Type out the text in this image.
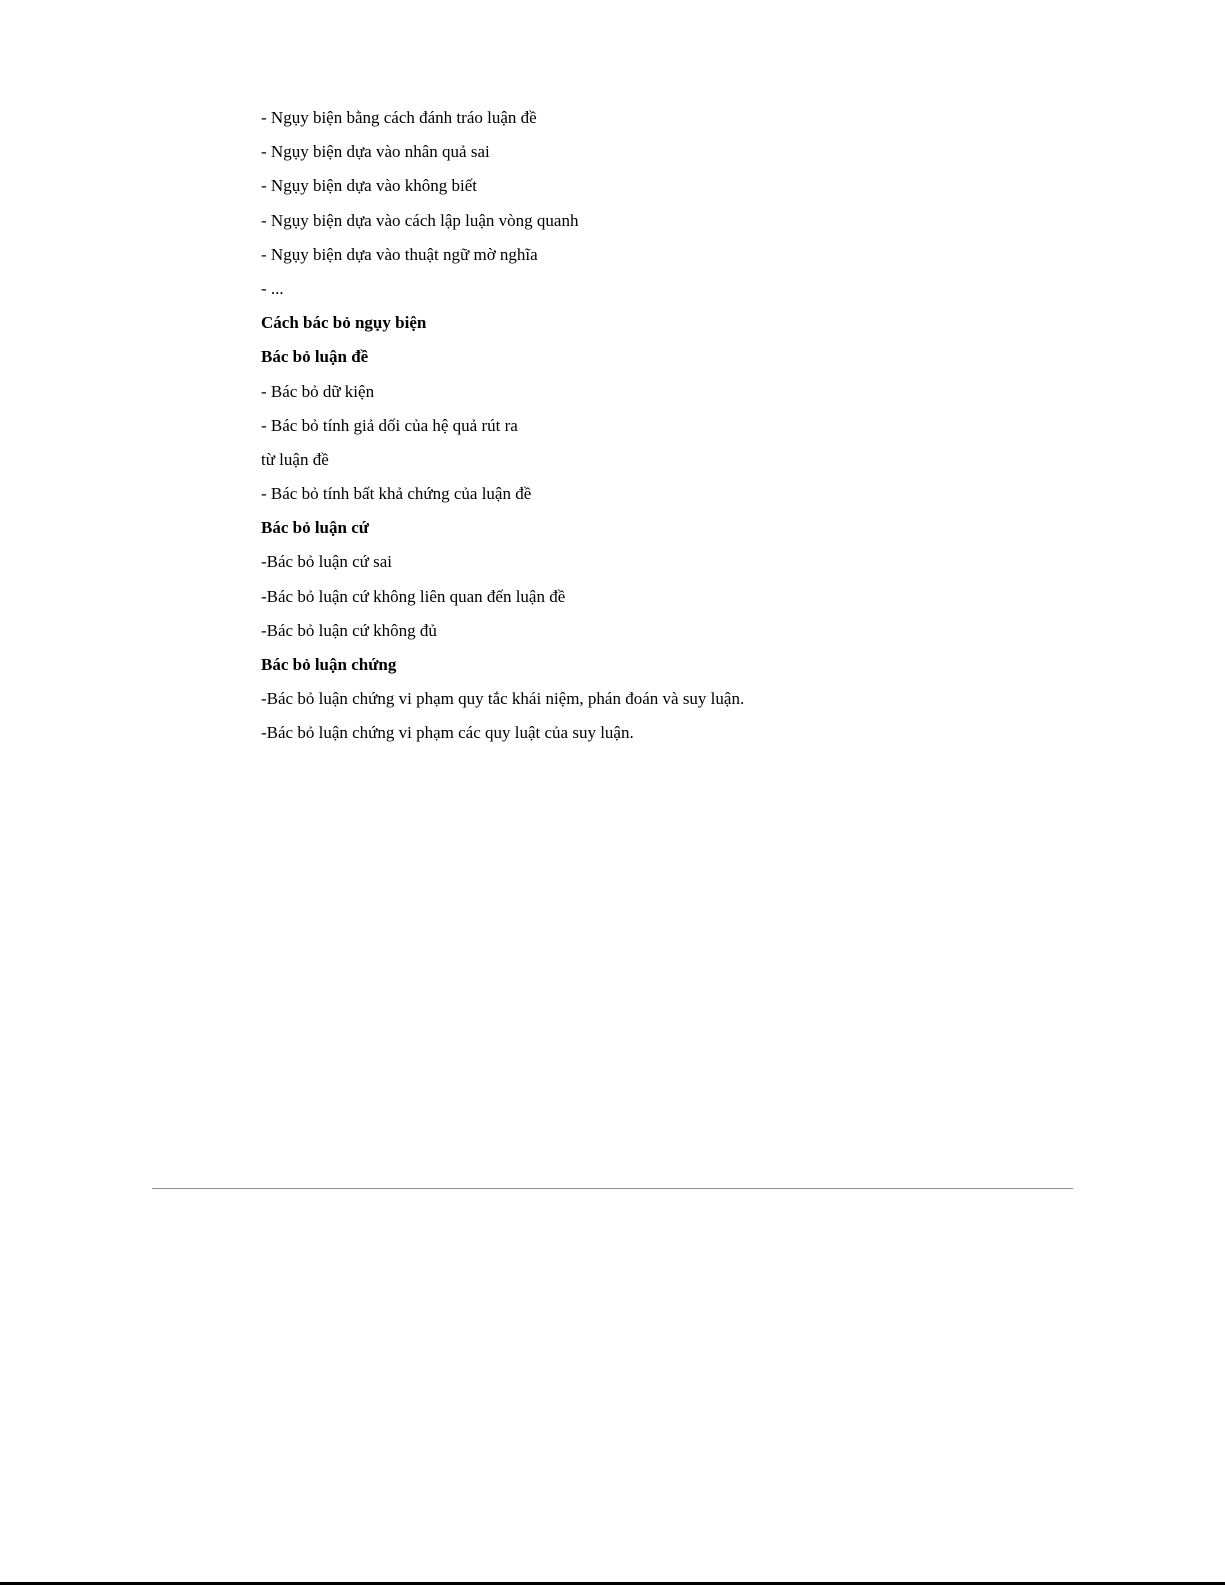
- Ngụy biện bằng cách đánh tráo luận đề
- Ngụy biện dựa vào nhân quả sai
- Ngụy biện dựa vào không biết
- Ngụy biện dựa vào cách lập luận vòng quanh
- Ngụy biện dựa vào thuật ngữ mờ nghĩa
- ...
Cách bác bỏ ngụy biện
Bác bỏ luận đề
- Bác bỏ dữ kiện
- Bác bỏ tính giả dối của hệ quả rút ra
từ luận đề
- Bác bỏ tính bất khả chứng của luận đề
Bác bỏ luận cứ
-Bác bỏ luận cứ sai
-Bác bỏ luận cứ không liên quan đến luận đề
-Bác bỏ luận cứ không đủ
Bác bỏ luận chứng
-Bác bỏ luận chứng vi phạm quy tắc khái niệm, phán đoán và suy luận.
-Bác bỏ luận chứng vi phạm các quy luật của suy luận.
